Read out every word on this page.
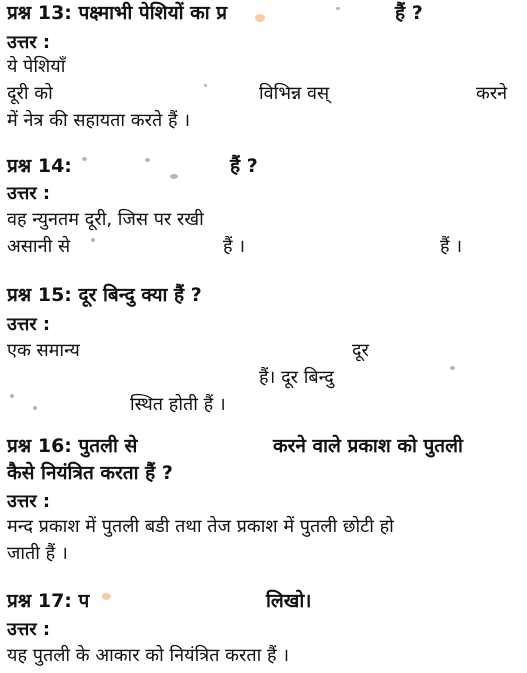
प्रश्न 13: पक्ष्माभी पेशियों का प्र	हैं ?
उत्तर :
ये पेशियाँ
दूरी को	विभिन्न वस्	करने
में नेत्र की सहायता करते हैं ।
प्रश्न 14:	हैं ?
उत्तर :
वह न्युनतम दूरी, जिस पर रखी
असानी से	हैं ।	हैं ।
प्रश्न 15: दूर बिन्दु क्या हैं ?
उत्तर :
एक समान्य	दूर
हैं। दूर बिन्दु
स्थित होती हैं ।
प्रश्न 16: पुतली से	करने वाले प्रकाश को पुतली
कैसे नियंत्रित करता हैं ?
उत्तर :
मन्द प्रकाश में पुतली बडी तथा तेज प्रकाश में पुतली छोटी हो
जाती हैं ।
प्रश्न 17: प	लिखो।
उत्तर :
यह पुतली के आकार को नियंत्रित करता हैं ।
